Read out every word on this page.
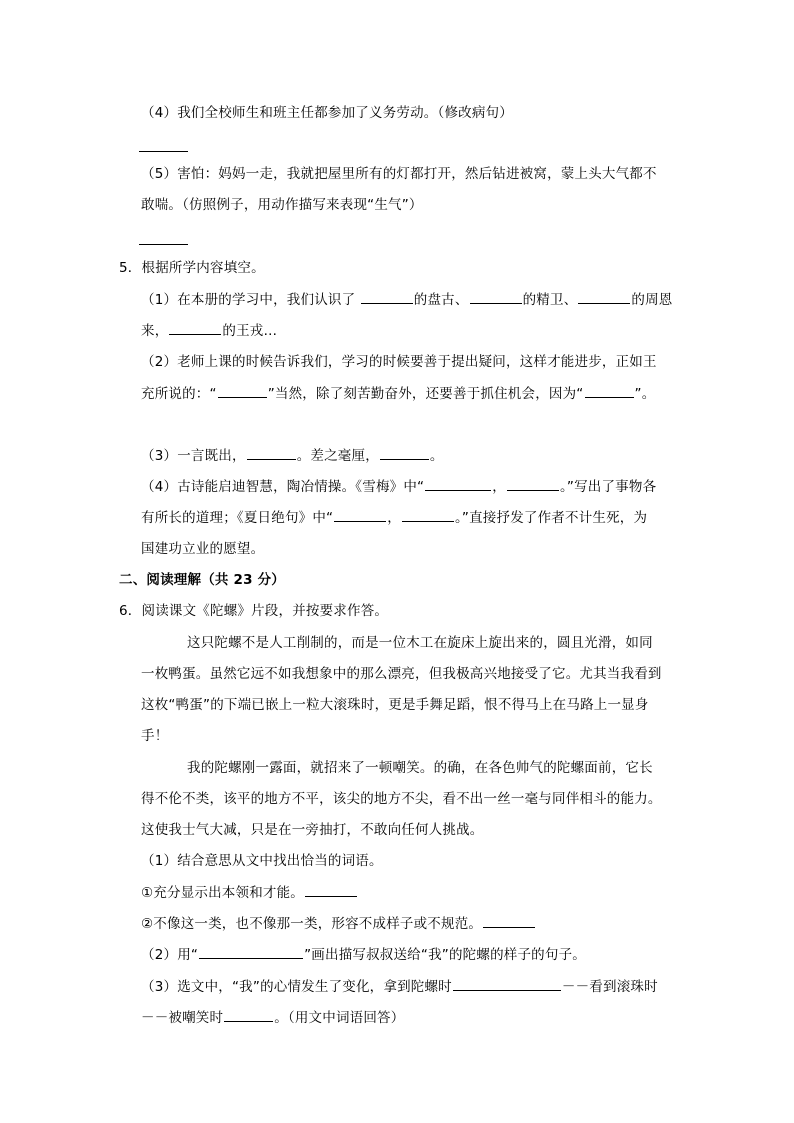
（4）我们全校师生和班主任都参加了义务劳动。（修改病句）
（5）害怕：妈妈一走，我就把屋里所有的灯都打开，然后钻进被窝，蒙上头大气都不
敢喘。（仿照例子，用动作描写来表现“生气”）
5．根据所学内容填空。
（1）在本册的学习中，我们认识了	的盘古、	的精卫、	的周恩
来，	的王戎…
（2）老师上课的时候告诉我们，学习的时候要善于提出疑问，这样才能进步，正如王
充所说的：“	”当然，除了刻苦勤奋外，还要善于抓住机会，因为“	”。
（3）一言既出，	。差之毫厘，	。
（4）古诗能启迪智慧，陶冶情操。《雪梅》中“	，	。”写出了事物各
有所长的道理；《夏日绝句》中“	，	。”直接抒发了作者不计生死，为
国建功立业的愿望。
二、阅读理解（共 23 分）
6．阅读课文《陀螺》片段，并按要求作答。
这只陀螺不是人工削制的，而是一位木工在旋床上旋出来的，圆且光滑，如同
一枚鸭蛋。虽然它远不如我想象中的那么漂亮，但我极高兴地接受了它。尤其当我看到
这枚“鸭蛋”的下端已嵌上一粒大滚珠时，更是手舞足蹈，恨不得马上在马路上一显身
手！
我的陀螺刚一露面，就招来了一顿嘲笑。的确，在各色帅气的陀螺面前，它长
得不伦不类，该平的地方不平，该尖的地方不尖，看不出一丝一毫与同伴相斗的能力。
这使我士气大减，只是在一旁抽打，不敢向任何人挑战。
（1）结合意思从文中找出恰当的词语。
①充分显示出本领和才能。
②不像这一类，也不像那一类，形容不成样子或不规范。
（2）用“	”画出描写叔叔送给“我”的陀螺的样子的句子。
（3）选文中，“我”的心情发生了变化，拿到陀螺时	－－看到滚珠时
－－被嘲笑时	。（用文中词语回答）
